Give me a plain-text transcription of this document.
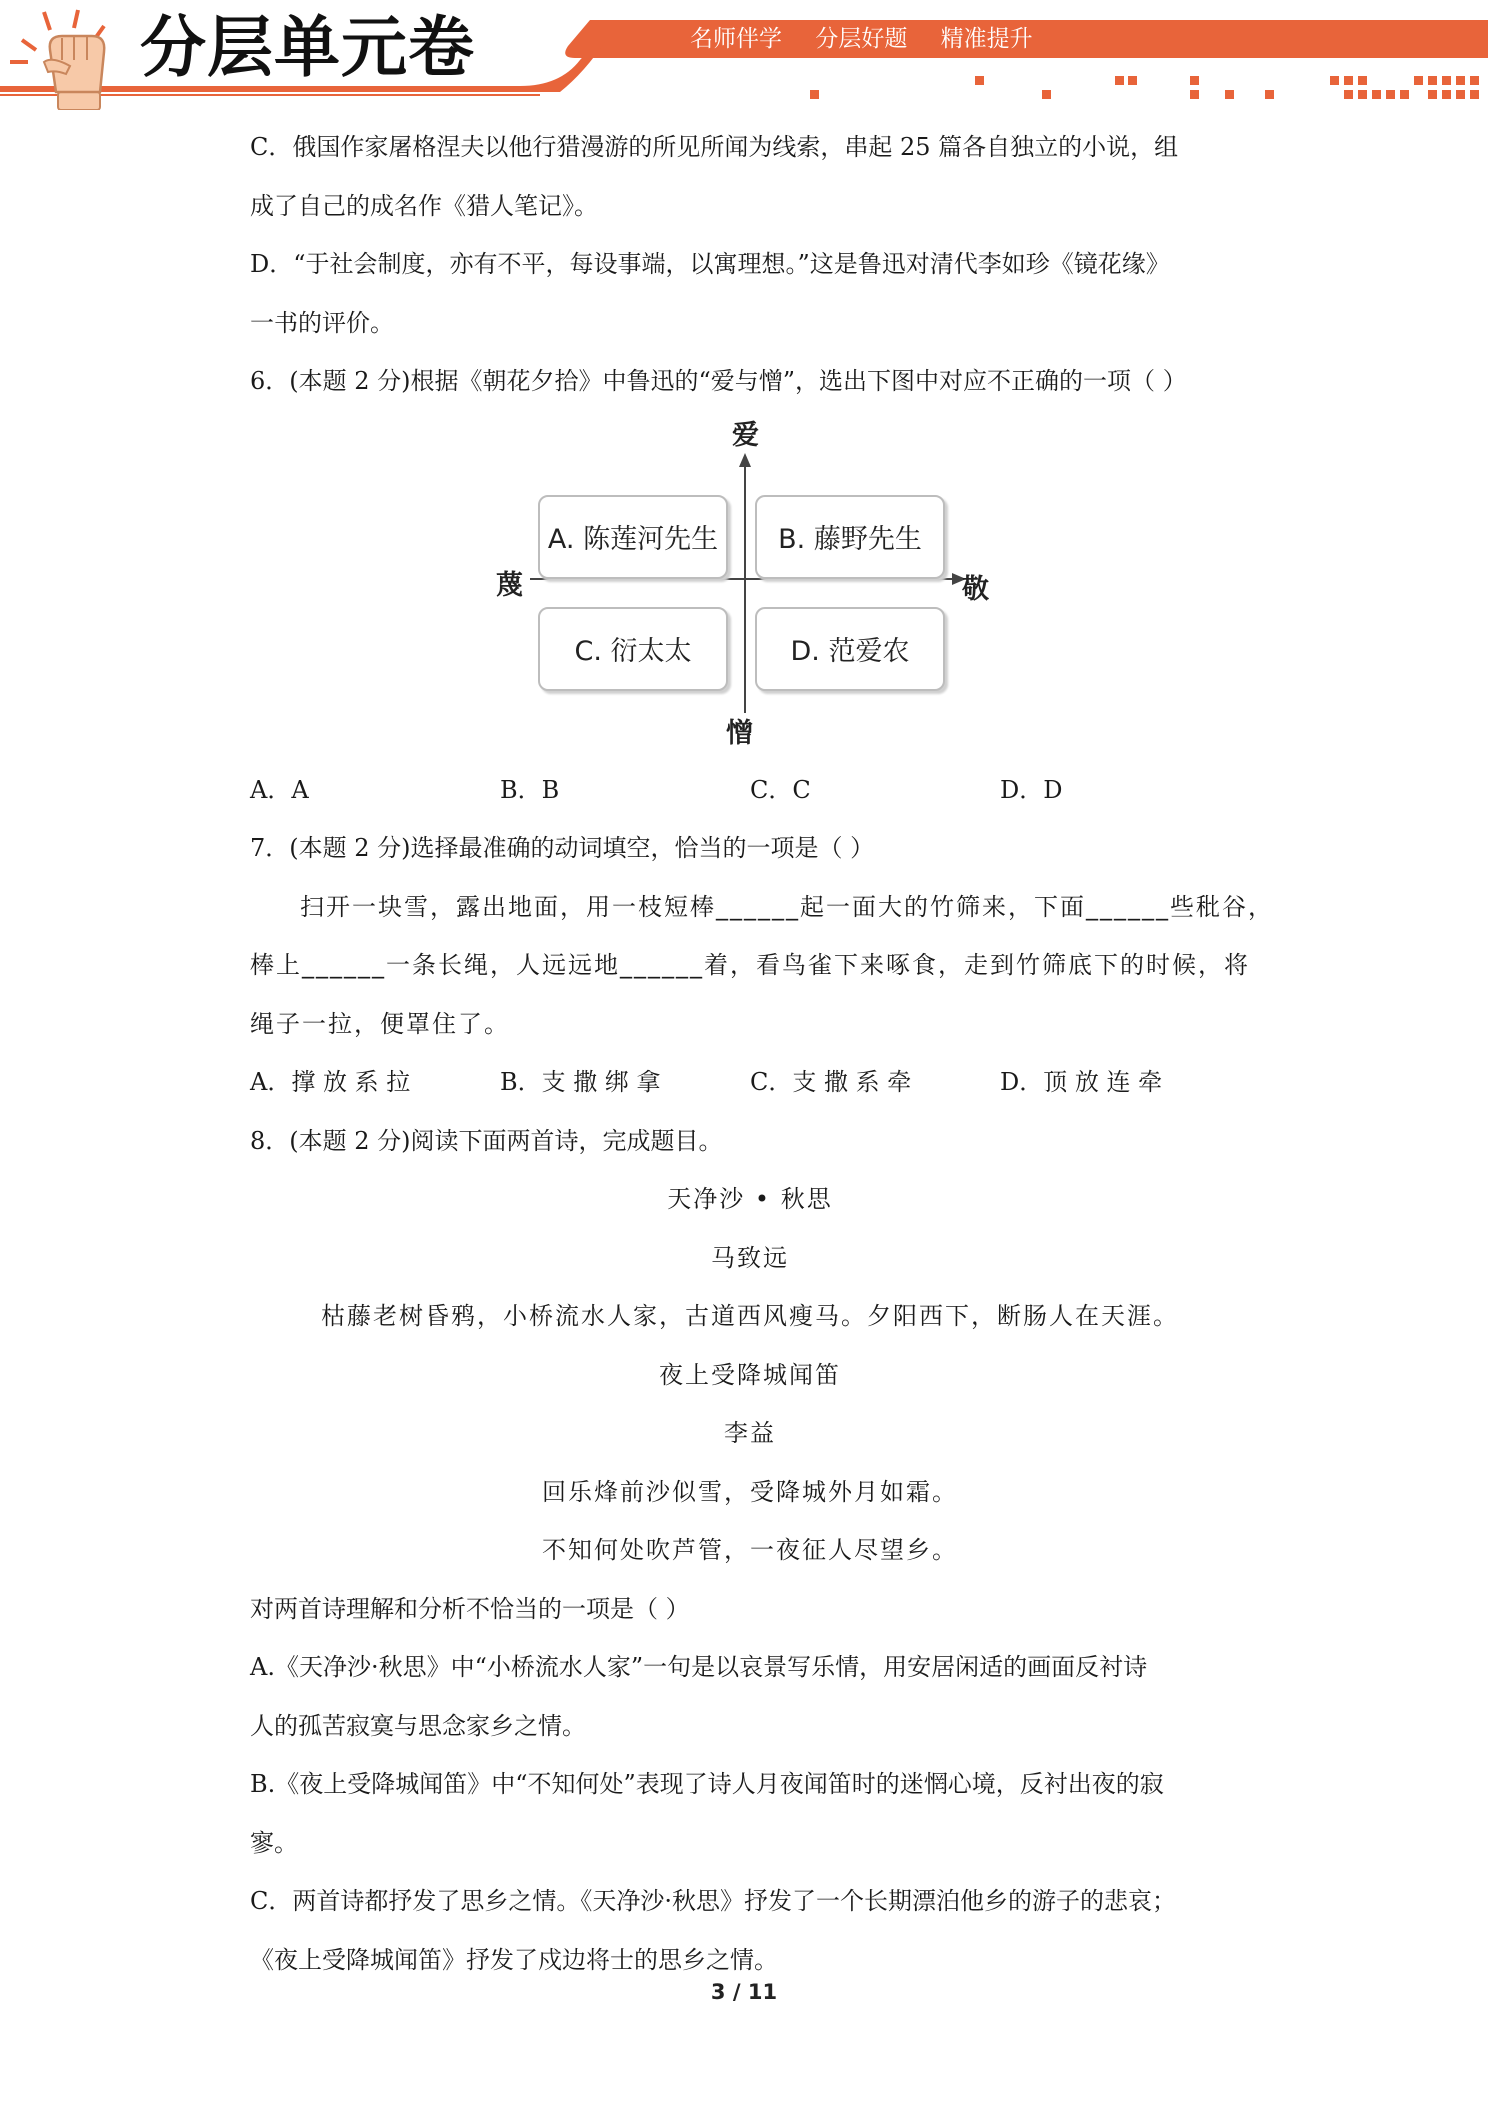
分层单元卷	名师伴学 分层好题 精准提升

C．俄国作家屠格涅夫以他行猎漫游的所见所闻为线索，串起 25 篇各自独立的小说，组

成了自己的成名作《猎人笔记》。

D．“于社会制度，亦有不平，每设事端，以寓理想。”这是鲁迅对清代李如珍《镜花缘》

一书的评价。

6．(本题 2 分)根据《朝花夕拾》中鲁迅的“爱与憎”，选出下图中对应不正确的一项（ ）

爱
憎
蔑	敬
A. 陈莲河先生	B. 藤野先生
C. 衍太太	D. 范爱农
A．A	B．B	C．C	D．D

7．(本题 2 分)选择最准确的动词填空，恰当的一项是（ ）

扫开一块雪，露出地面，用一枝短棒______起一面大的竹筛来，下面______些秕谷，

棒上______一条长绳，人远远地______着，看鸟雀下来啄食，走到竹筛底下的时候，将

绳子一拉，便罩住了。

A．撑 放 系 拉	B．支 撒 绑 拿	C．支 撒 系 牵	D．顶 放 连 牵

8．(本题 2 分)阅读下面两首诗，完成题目。

天净沙 • 秋思

马致远

枯藤老树昏鸦，小桥流水人家，古道西风瘦马。夕阳西下，断肠人在天涯。

夜上受降城闻笛

李益

回乐烽前沙似雪，受降城外月如霜。

不知何处吹芦管，一夜征人尽望乡。

对两首诗理解和分析不恰当的一项是（ ）

A.《天净沙·秋思》中“小桥流水人家”一句是以哀景写乐情，用安居闲适的画面反衬诗

人的孤苦寂寞与思念家乡之情。

B.《夜上受降城闻笛》中“不知何处”表现了诗人月夜闻笛时的迷惘心境，反衬出夜的寂

寥。

C．两首诗都抒发了思乡之情。《天净沙·秋思》抒发了一个长期漂泊他乡的游子的悲哀；

《夜上受降城闻笛》抒发了戍边将士的思乡之情。

3 / 11
